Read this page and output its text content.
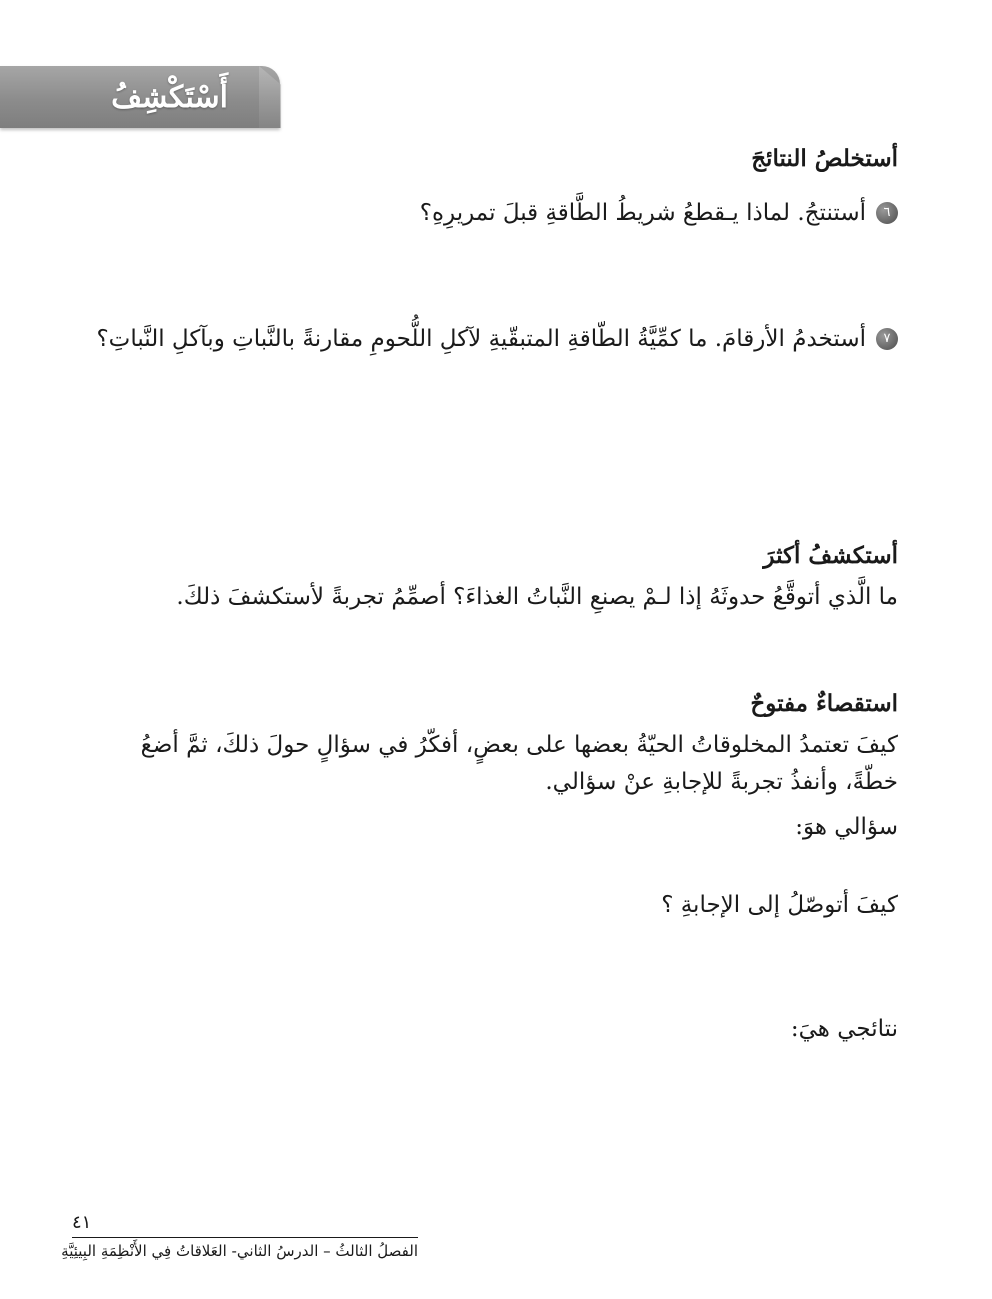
أَسْتَكْشِفُ
أستخلصُ النتائجَ
٦
أستنتجُ. لماذا يـقطعُ شريطُ الطَّاقةِ قبلَ تمريرِهِ؟
٧
أستخدمُ الأرقامَ. ما كمِّيَّةُ الطّاقةِ المتبقّيةِ لآكلِ اللُّحومِ مقارنةً بالنَّباتِ وبآكلِ النَّباتِ؟
أستكشفُ أكثرَ
ما الَّذي أتوقَّعُ حدوثَهُ إذا لـمْ يصنعِ النَّباتُ الغذاءَ؟ أصمِّمُ تجربةً لأستكشفَ ذلكَ.
استقصاءٌ مفتوحٌ
كيفَ تعتمدُ المخلوقاتُ الحيّةُ بعضها على بعضٍ، أفكّرُ في سؤالٍ حولَ ذلكَ، ثمَّ أضعُ
خطّةً، وأنفذُ تجربةً للإجابةِ عنْ سؤالي.
سؤالي هوَ:
كيفَ أتوصّلُ إلى الإجابةِ ؟
نتائجي هيَ:
٤١
الفصلُ الثالثُ – الدرسُ الثاني- العَلاقاتُ فِي الأَنْظِمَةِ البِيئِيَّةِ
